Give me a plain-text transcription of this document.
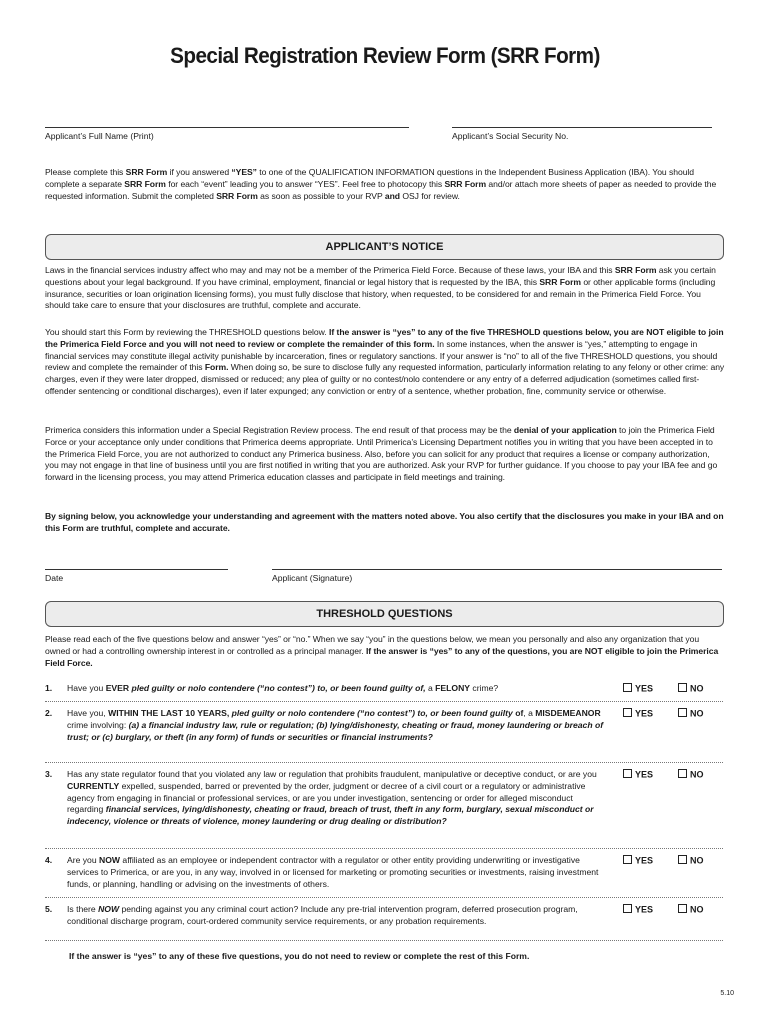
Special Registration Review Form (SRR Form)
Applicant’s Full Name (Print)	Applicant’s Social Security No.
Please complete this SRR Form if you answered “YES” to one of the QUALIFICATION INFORMATION questions in the Independent Business Application (IBA). You should complete a separate SRR Form for each “event” leading you to answer “YES”. Feel free to photocopy this SRR Form and/or attach more sheets of paper as needed to provide the requested information. Submit the completed SRR Form as soon as possible to your RVP and OSJ for review.
APPLICANT’S NOTICE
Laws in the financial services industry affect who may and may not be a member of the Primerica Field Force. Because of these laws, your IBA and this SRR Form ask you certain questions about your legal background. If you have criminal, employment, financial or legal history that is requested by the IBA, this SRR Form or other applicable forms (including insurance, securities or loan origination licensing forms), you must fully disclose that history, when requested, to be considered for and remain in the Primerica Field Force. You should take care to ensure that your disclosures are truthful, complete and accurate.
You should start this Form by reviewing the THRESHOLD questions below. If the answer is “yes” to any of the five THRESHOLD questions below, you are NOT eligible to join the Primerica Field Force and you will not need to review or complete the remainder of this form. In some instances, when the answer is “yes,” attempting to engage in financial services may constitute illegal activity punishable by incarceration, fines or regulatory sanctions. If your answer is “no” to all of the five THRESHOLD questions, you should review and complete the remainder of this Form. When doing so, be sure to disclose fully any requested information, particularly information relating to any felony or other crime: any charges, even if they were later dropped, dismissed or reduced; any plea of guilty or no contest/nolo contendere or any entry of a deferred adjudication (sometimes called first-offender sentencing or conditional discharges), even if later expunged; any conviction or entry of a sentence, whether probation, fine, community service or otherwise.
Primerica considers this information under a Special Registration Review process. The end result of that process may be the denial of your application to join the Primerica Field Force or your acceptance only under conditions that Primerica deems appropriate. Until Primerica’s Licensing Department notifies you in writing that you have been accepted in to the Primerica Field Force, you are not authorized to conduct any Primerica business. Also, before you can solicit for any product that requires a license or company authorization, you may not engage in that line of business until you are first notified in writing that you are authorized. Ask your RVP for further guidance. If you choose to pay your IBA fee and go forward in the licensing process, you may attend Primerica education classes and participate in field meetings and training.
By signing below, you acknowledge your understanding and agreement with the matters noted above. You also certify that the disclosures you make in your IBA and on this Form are truthful, complete and accurate.
Date	Applicant (Signature)
THRESHOLD QUESTIONS
Please read each of the five questions below and answer “yes” or “no.” When we say “you” in the questions below, we mean you personally and also any organization that you owned or had a controlling ownership interest in or controlled as a principal manager. If the answer is “yes” to any of the questions, you are NOT eligible to join the Primerica Field Force.
1. Have you EVER pled guilty or nolo contendere (“no contest”) to, or been found guilty of, a FELONY crime?	YES	NO
2. Have you, WITHIN THE LAST 10 YEARS, pled guilty or nolo contendere (“no contest”) to, or been found guilty of, a MISDEMEANOR crime involving: (a) a financial industry law, rule or regulation; (b) lying/dishonesty, cheating or fraud, money laundering or breach of trust; or (c) burglary, or theft (in any form) of funds or securities or financial instruments?
YES	NO
3. Has any state regulator found that you violated any law or regulation that prohibits fraudulent, manipulative or deceptive conduct, or are you CURRENTLY expelled, suspended, barred or prevented by the order, judgment or decree of a civil court or a regulatory or administrative agency from engaging in financial or professional services, or are you under investigation, sentencing or order for alleged misconduct regarding financial services, lying/dishonesty, cheating or fraud, breach of trust, theft in any form, burglary, sexual misconduct or indecency, violence or threats of violence, money laundering or drug dealing or distribution?
YES	NO
4. Are you NOW affiliated as an employee or independent contractor with a regulator or other entity providing underwriting or investigative services to Primerica, or are you, in any way, involved in or licensed for marketing or promoting securities or investments, raising investment funds, or planning, handling or advising on the investments of others.
YES	NO
5. Is there NOW pending against you any criminal court action? Include any pre-trial intervention program, deferred prosecution program, conditional discharge program, court-ordered community service requirements, or any probation requirements.
YES	NO
If the answer is “yes” to any of these five questions, you do not need to review or complete the rest of this Form.
5.10
